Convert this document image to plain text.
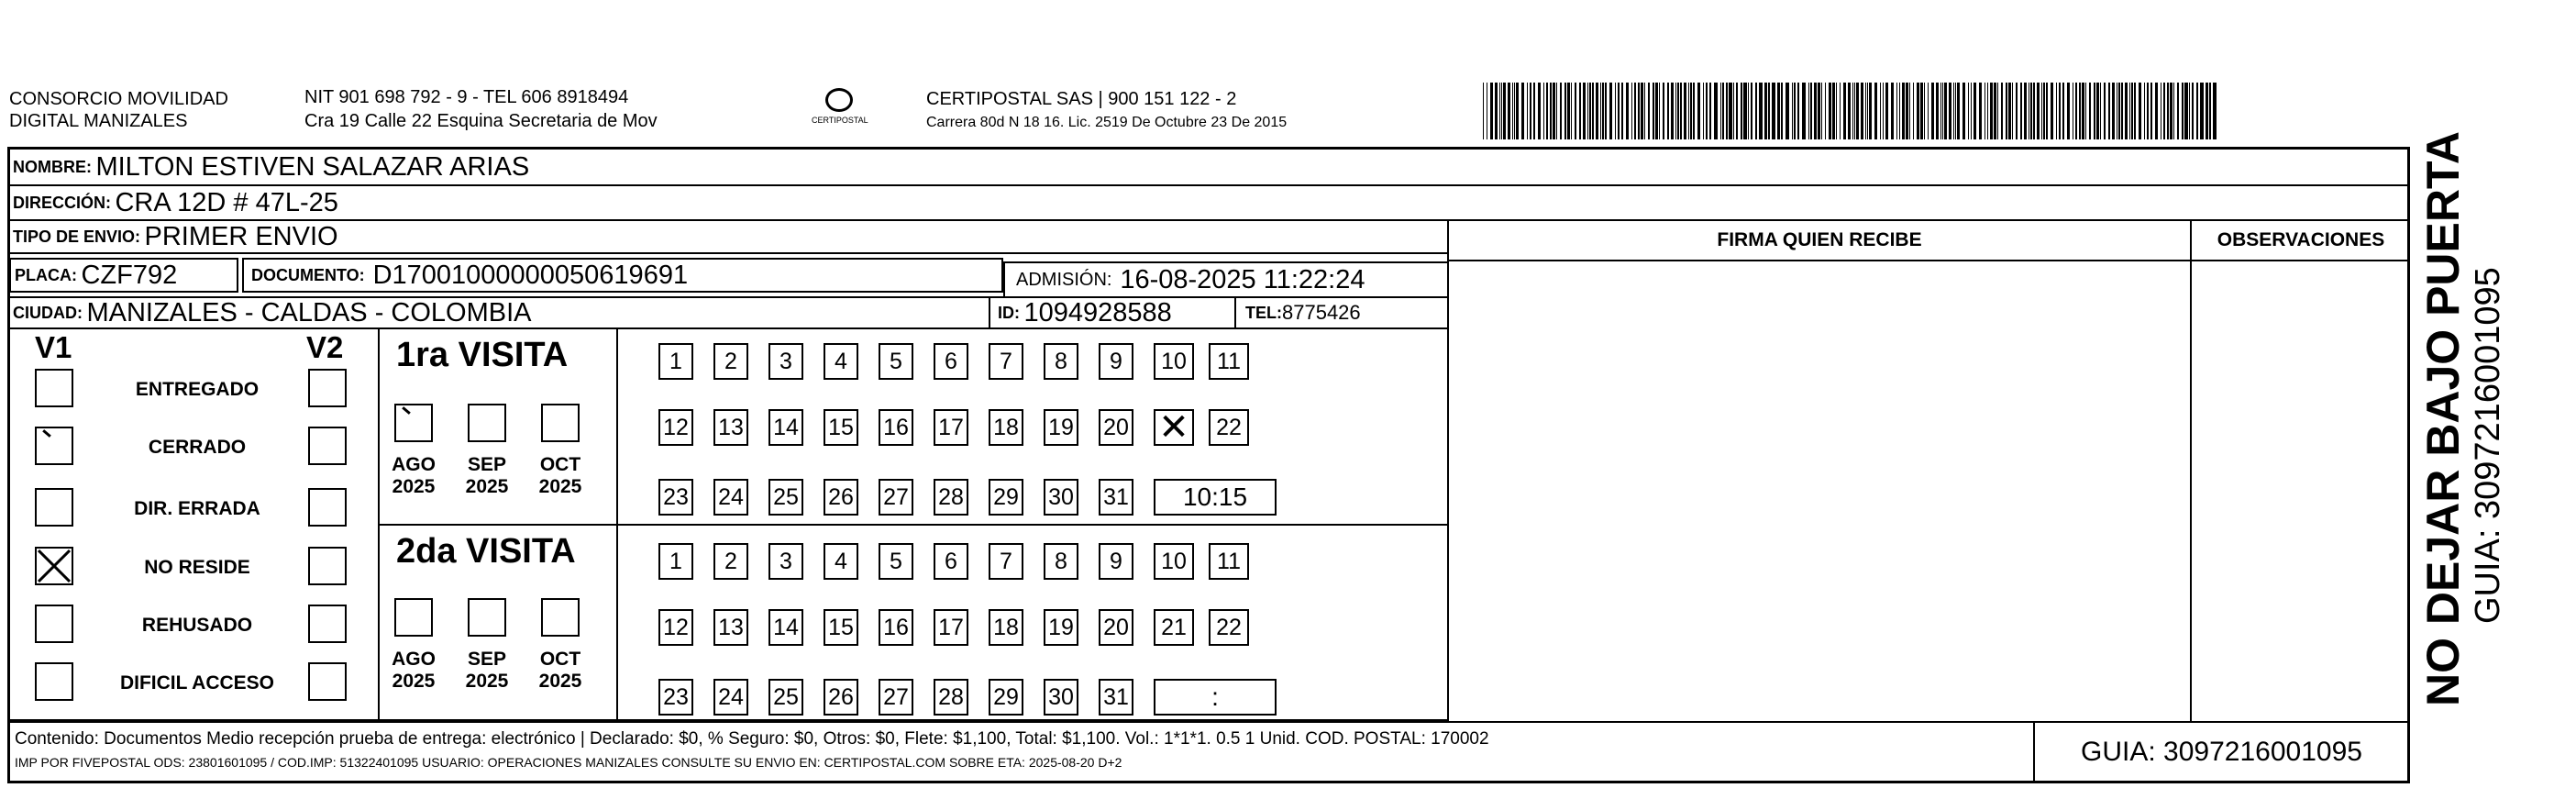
CONSORCIO MOVILIDAD
DIGITAL MANIZALES
NIT 901 698 792 - 9 - TEL 606 8918494
Cra 19 Calle 22 Esquina Secretaria de Mov	CERTIPOSTAL
CERTIPOSTAL SAS | 900 151 122 - 2
Carrera 80d N 18 16. Lic. 2519 De Octubre 23 De 2015
NOMBRE:
MILTON ESTIVEN SALAZAR ARIAS
DIRECCIÓN:
CRA 12D # 47L-25
TIPO DE ENVIO:
PRIMER ENVIO
PLACA:
CZF792	DOCUMENTO:
D17001000000050619691	ADMISIÓN:
16-08-2025 11:22:24
CIUDAD:
MANIZALES - CALDAS - COLOMBIA	ID:
1094928588	TEL: 8775426
FIRMA QUIEN RECIBE	OBSERVACIONES
V1	V2
ENTREGADO
CERRADO
DIR. ERRADA
NO RESIDE
REHUSADO
DIFICIL ACCESO
1ra VISITA
2da VISITA
AGO
2025
SEP
2025
OCT
2025
AGO
2025
SEP
2025
OCT
2025
1	2	3	4	5	6	7	8	9	10	11
12 13 14 15 16 17 18 19 20
✕	22
23 24 25 26 27 28 29 30 31	10:15
1	2	3	4	5	6	7	8	9	10	11
12 13 14 15 16 17 18 19 20	21	22
23 24 25 26 27 28 29 30 31	:
Contenido: Documentos Medio recepción prueba de entrega: electrónico | Declarado: $0, % Seguro: $0, Otros: $0, Flete: $1,100, Total: $1,100. Vol.: 1*1*1. 0.5 1 Unid. COD. POSTAL: 170002
IMP POR FIVEPOSTAL ODS: 23801601095 / COD.IMP: 51322401095 USUARIO: OPERACIONES MANIZALES CONSULTE SU ENVIO EN: CERTIPOSTAL.COM SOBRE ETA: 2025-08-20 D+2	GUIA: 3097216001095
NO DEJAR BAJO PUERTA GUIA: 3097216001095
